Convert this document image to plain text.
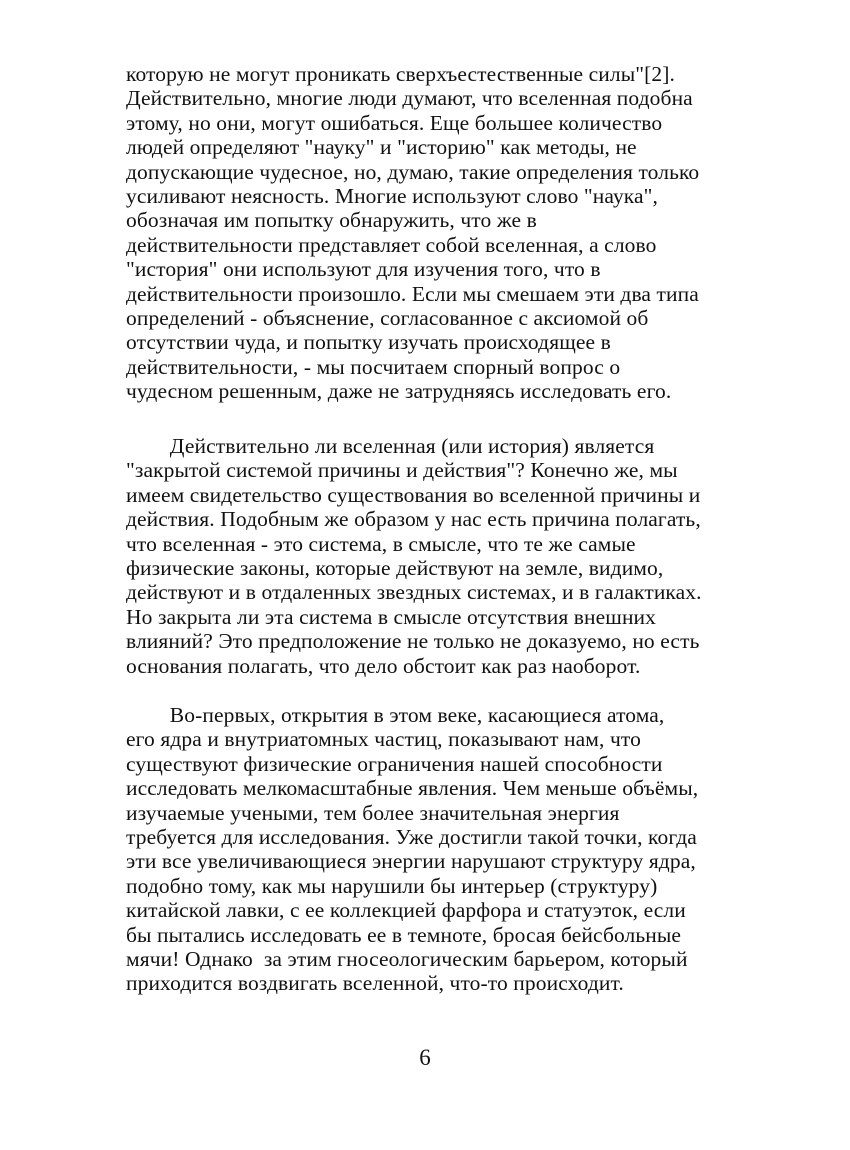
которую не могут проникать сверхъестественные силы"[2].
Действительно, многие люди думают, что вселенная подобна
этому, но они, могут ошибаться. Еще большее количество
людей определяют "науку" и "историю" как методы, не
допускающие чудесное, но, думаю, такие определения только
усиливают неясность. Многие используют слово "наука",
обозначая им попытку обнаружить, что же в
действительности представляет собой вселенная, а слово
"история" они используют для изучения того, что в
действительности произошло. Если мы смешаем эти два типа
определений - объяснение, согласованное с аксиомой об
отсутствии чуда, и попытку изучать происходящее в
действительности, - мы посчитаем спорный вопрос о
чудесном решенным, даже не затрудняясь исследовать его.
Действительно ли вселенная (или история) является
"закрытой системой причины и действия"? Конечно же, мы
имеем свидетельство существования во вселенной причины и
действия. Подобным же образом у нас есть причина полагать,
что вселенная - это система, в смысле, что те же самые
физические законы, которые действуют на земле, видимо,
действуют и в отдаленных звездных системах, и в галактиках.
Но закрыта ли эта система в смысле отсутствия внешних
влияний? Это предположение не только не доказуемо, но есть
основания полагать, что дело обстоит как раз наоборот.
Во-первых, открытия в этом веке, касающиеся атома,
его ядра и внутриатомных частиц, показывают нам, что
существуют физические ограничения нашей способности
исследовать мелкомасштабные явления. Чем меньше объёмы,
изучаемые учеными, тем более значительная энергия
требуется для исследования. Уже достигли такой точки, когда
эти все увеличивающиеся энергии нарушают структуру ядра,
подобно тому, как мы нарушили бы интерьер (структуру)
китайской лавки, с ее коллекцией фарфора и статуэток, если
бы пытались исследовать ее в темноте, бросая бейсбольные
мячи! Однако  за этим гносеологическим барьером, который
приходится воздвигать вселенной, что-то происходит.

6
